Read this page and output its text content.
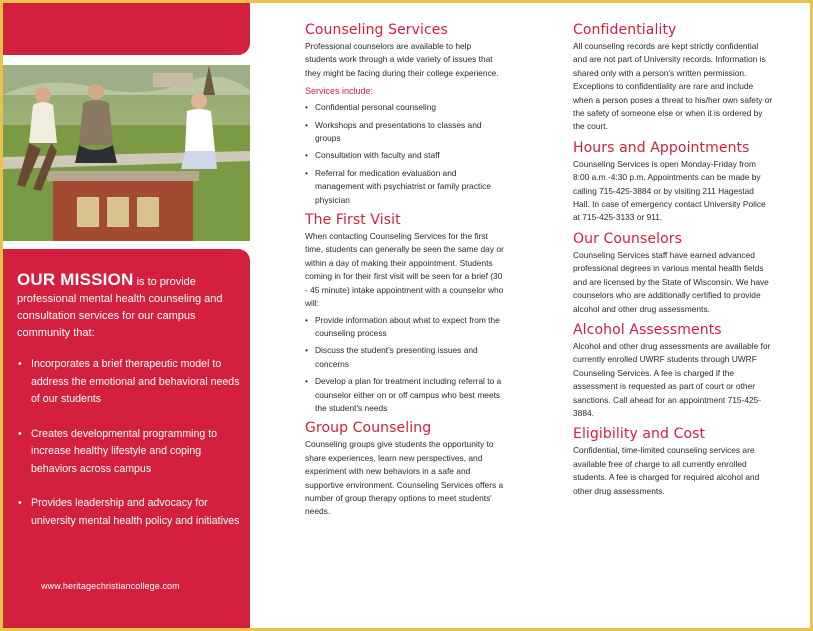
OUR MISSION is to provide professional mental health counseling and consultation services for our campus community that:
• Incorporates a brief therapeutic model to address the emotional and behavioral needs of our students
• Creates developmental programming to increase healthy lifestyle and coping behaviors across campus
• Provides leadership and advocacy for university mental health policy and initiatives
www.heritagechristiancollege.com
Counseling Services

Professional counselors are available to help students work through a wide variety of issues that they might be facing during their college experience.

Services include:
• Confidential personal counseling
• Workshops and presentations to classes and groups
• Consultation with faculty and staff
• Referral for medication evaluation and management with psychiatrist or family practice physician
The First Visit

When contacting Counseling Services for the first time, students can generally be seen the same day or within a day of making their appointment. Students coming in for their first visit will be seen for a brief (30 - 45 minute) intake appointment with a counselor who will:

• Provide information about what to expect from the counseling process
• Discuss the student's presenting issues and concerns
• Develop a plan for treatment including referral to a counselor either on or off campus who best meets the student's needs
Group Counseling

Counseling groups give students the opportunity to share experiences, learn new perspectives, and experiment with new behaviors in a safe and supportive environment. Counseling Services offers a number of group therapy options to meet students' needs.

Confidentiality

All counseling records are kept strictly confidential and are not part of University records. Information is shared only with a person's written permission. Exceptions to confidentiality are rare and include when a person poses a threat to his/her own safety or the safety of someone else or when it is ordered by the court.

Hours and Appointments

Counseling Services is open Monday-Friday from 8:00 a.m.-4:30 p.m. Appointments can be made by calling 715-425-3884 or by visiting 211 Hagestad Hall. In case of emergency contact University Police at 715-425-3133 or 911.

Our Counselors

Counseling Services staff have earned advanced professional degrees in various mental health fields and are licensed by the State of Wisconsin. We have counselors who are additionally certified to provide alcohol and other drug assessments.

Alcohol Assessments

Alcohol and other drug assessments are available for currently enrolled UWRF students through UWRF Counseling Services. A fee is charged if the assessment is requested as part of court or other sanctions. Call ahead for an appointment 715-425-3884.

Eligibility and Cost

Confidential, time-limited counseling services are available free of charge to all currently enrolled students. A fee is charged for required alcohol and other drug assessments.
